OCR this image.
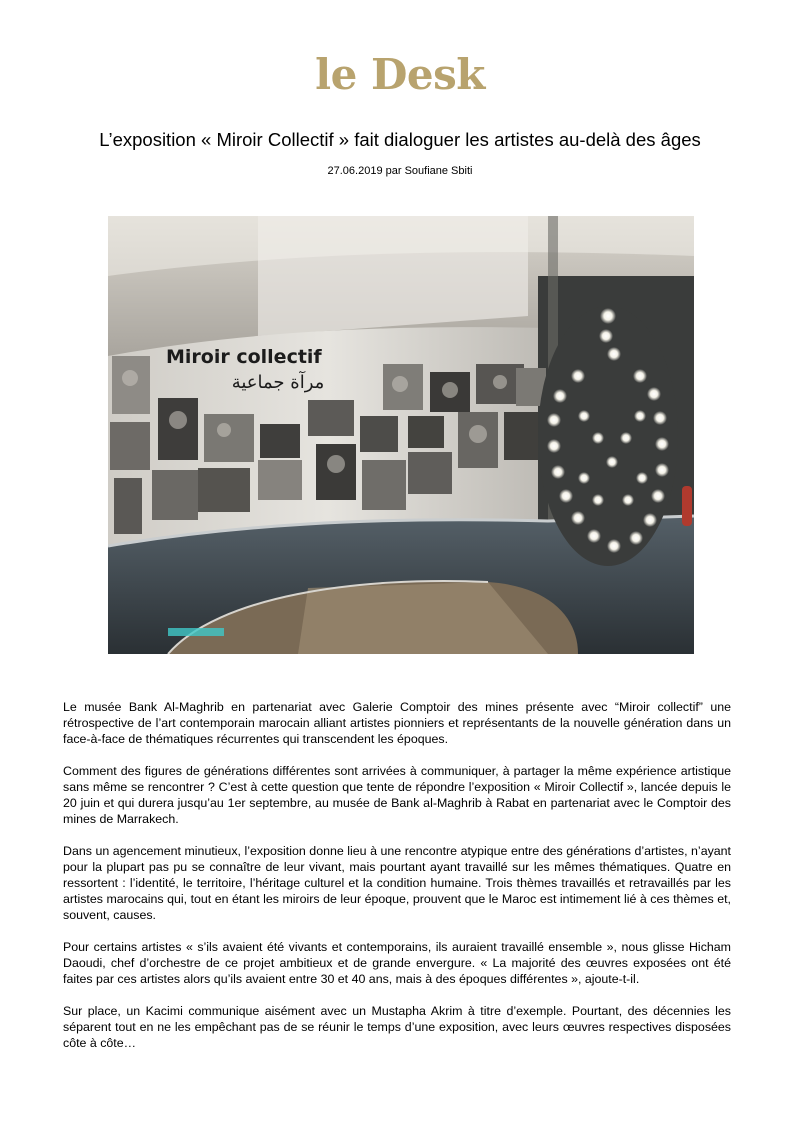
le Desk
L’exposition « Miroir Collectif » fait dialoguer les artistes au-delà des âges
27.06.2019 par Soufiane Sbiti
Miroir collectif
مرآة جماعية

Le musée Bank Al-Maghrib en partenariat avec Galerie Comptoir des mines présente avec “Miroir collectif” une rétrospective de l’art contemporain marocain alliant artistes pionniers et représentants de la nouvelle génération dans un face-à-face de thématiques récurrentes qui transcendent les époques.

Comment des figures de générations différentes sont arrivées à communiquer, à partager la même expérience artistique sans même se rencontrer ? C’est à cette question que tente de répondre l’exposition « Miroir Collectif », lancée depuis le 20 juin et qui durera jusqu’au 1er septembre, au musée de Bank al-Maghrib à Rabat en partenariat avec le Comptoir des mines de Marrakech.

Dans un agencement minutieux, l’exposition donne lieu à une rencontre atypique entre des générations d’artistes, n’ayant pour la plupart pas pu se connaître de leur vivant, mais pourtant ayant travaillé sur les mêmes thématiques. Quatre en ressortent : l’identité, le territoire, l’héritage culturel et la condition humaine. Trois thèmes travaillés et retravaillés par les artistes marocains qui, tout en étant les miroirs de leur époque, prouvent que le Maroc est intimement lié à ces thèmes et, souvent, causes.

Pour certains artistes « s’ils avaient été vivants et contemporains, ils auraient travaillé ensemble », nous glisse Hicham Daoudi, chef d’orchestre de ce projet ambitieux et de grande envergure. « La majorité des œuvres exposées ont été faites par ces artistes alors qu’ils avaient entre 30 et 40 ans, mais à des époques différentes », ajoute-t-il.

Sur place, un Kacimi communique aisément avec un Mustapha Akrim à titre d’exemple. Pourtant, des décennies les séparent tout en ne les empêchant pas de se réunir le temps d’une exposition, avec leurs œuvres respectives disposées côte à côte…
